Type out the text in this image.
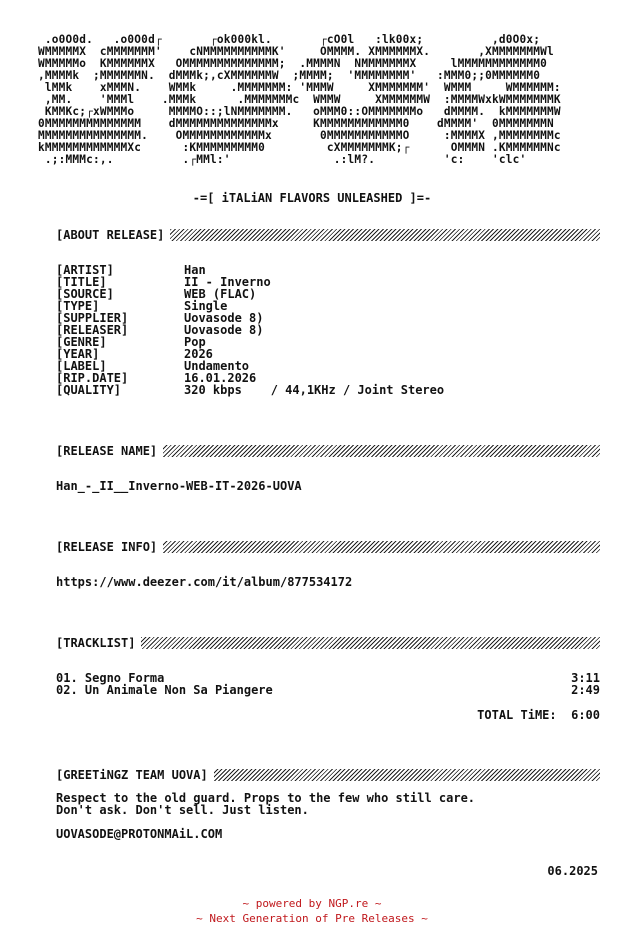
.o0O0d.   .o0O0d┌       ┌ok000kl.       ┌cO0l   :lk00x;          ,d0O0x;
WMMMMMX  cMMMMMMM'    cNMMMMMMMMMMK'     OMMMM. XMMMMMMX.       ,XMMMMMMMWl
WMMMMMo  KMMMMMMX   OMMMMMMMMMMMMMM;  .MMMMN  NMMMMMMMX     lMMMMMMMMMMMM0
,MMMMk  ;MMMMMMN.  dMMMk;,cXMMMMMMW  ;MMMM;  'MMMMMMMM'   :MMM0;;0MMMMMM0
lMMk    xMMMN.    WMMk     .MMMMMMM: 'MMMW     XMMMMMMM'  WMMM     WMMMMMM:
,MM.    'MMMl    .MMMk      .MMMMMMMc  WMMW     XMMMMMMW  :MMMMWxkWMMMMMMMK
KMMKc;┌xWMMMo     MMMMO::;lNMMMMMMM.   oMMM0::OMMMMMMMo   dMMMM.  kMMMMMMMW
0MMMMMMMMMMMMMM    dMMMMMMMMMMMMMMx     KMMMMMMMMMMMM0    dMMMM'  0MMMMMMMN
MMMMMMMMMMMMMMM.    OMMMMMMMMMMMMx       0MMMMMMMMMMMO     :MMMMX ,MMMMMMMMc
kMMMMMMMMMMMMXc      :KMMMMMMMMM0         cXMMMMMMMK;┌      OMMMN .KMMMMMMNc
.;:MMMc:,.          .┌MMl:'               .:lM?.          'c:    'clc'
-=[ iTALiAN FLAVORS UNLEASHED ]=-
[ABOUT RELEASE]
[ARTIST]	Han
[TITLE]	II - Inverno
[SOURCE]	WEB (FLAC)
[TYPE]	Single
[SUPPLIER]	Uovasode 8)
[RELEASER]	Uovasode 8)
[GENRE]	Pop
[YEAR]	2026
[LABEL]	Undamento
[RIP.DATE]	16.01.2026
[QUALITY]	320 kbps    / 44,1KHz / Joint Stereo
[RELEASE NAME]
Han_-_II__Inverno-WEB-IT-2026-UOVA
[RELEASE INFO]
https://www.deezer.com/it/album/877534172
[TRACKLIST]
01. Segno Forma	3:11
02. Un Animale Non Sa Piangere	2:49
TOTAL TiME: 6:00
[GREETiNGZ TEAM UOVA]
Respect to the old guard. Props to the few who still care.
Don't ask. Don't sell. Just listen.
UOVASODE@PROTONMAiL.COM
06.2025
~ powered by NGP.re ~
~ Next Generation of Pre Releases ~
